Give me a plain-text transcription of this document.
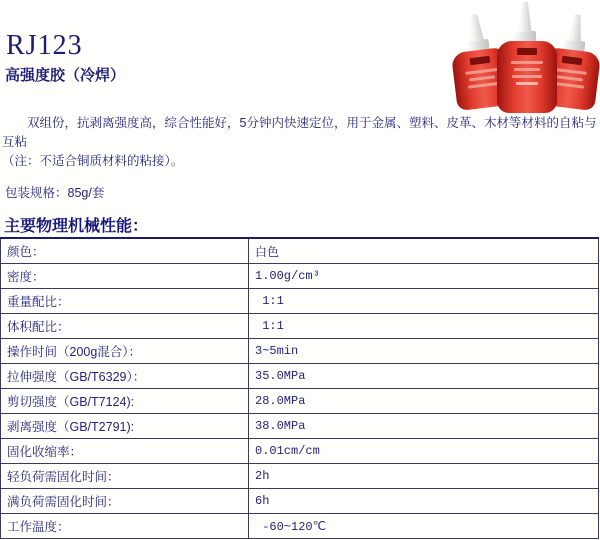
RJ123
高强度胶（冷焊）
双组份，抗剥离强度高，综合性能好，5分钟内快速定位，用于金属、塑料、皮革、木材等材料的自粘与互粘
（注：不适合铜质材料的粘接）。
包装规格：85g/套
主要物理机械性能：
颜色：	白色
密度：	1.00g/cm³
重量配比：	1:1
体积配比：	1:1
操作时间（200g混合）：	3~5min
拉伸强度（GB/T6329）：	35.0MPa
剪切强度（GB/T7124):	28.0MPa
剥离强度（GB/T2791):	38.0MPa
固化收缩率：	0.01cm/cm
轻负荷需固化时间：	2h
满负荷需固化时间：	6h
工作温度：	-60~120℃
